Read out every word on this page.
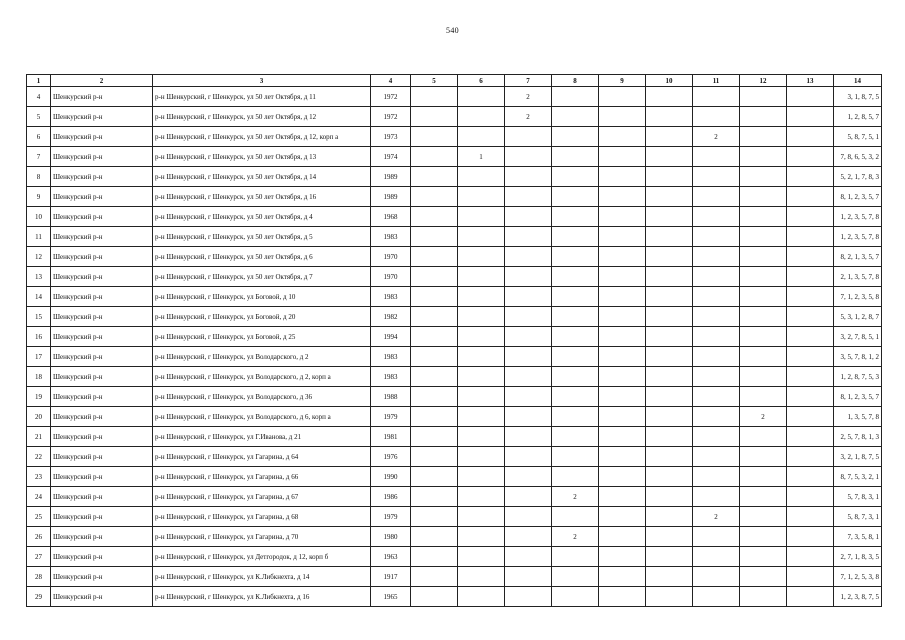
540
1	2	3	4	5	6	7	8	9	10	11	12	13	14
4	Шенкурский р-н	р-н Шенкурский, г Шенкурск, ул 50 лет Октября, д 11	1972			2							3, 1, 8, 7, 5
5	Шенкурский р-н	р-н Шенкурский, г Шенкурск, ул 50 лет Октября, д 12	1972			2							1, 2, 8, 5, 7
6	Шенкурский р-н	р-н Шенкурский, г Шенкурск, ул 50 лет Октября, д 12, корп а	1973							2			5, 8, 7, 5, 1
7	Шенкурский р-н	р-н Шенкурский, г Шенкурск, ул 50 лет Октября, д 13	1974		1								7, 8, 6, 5, 3, 2
8	Шенкурский р-н	р-н Шенкурский, г Шенкурск, ул 50 лет Октября, д 14	1989										5, 2, 1, 7, 8, 3
9	Шенкурский р-н	р-н Шенкурский, г Шенкурск, ул 50 лет Октября, д 16	1989										8, 1, 2, 3, 5, 7
10	Шенкурский р-н	р-н Шенкурский, г Шенкурск, ул 50 лет Октября, д 4	1968										1, 2, 3, 5, 7, 8
11	Шенкурский р-н	р-н Шенкурский, г Шенкурск, ул 50 лет Октября, д 5	1983										1, 2, 3, 5, 7, 8
12	Шенкурский р-н	р-н Шенкурский, г Шенкурск, ул 50 лет Октября, д 6	1970										8, 2, 1, 3, 5, 7
13	Шенкурский р-н	р-н Шенкурский, г Шенкурск, ул 50 лет Октября, д 7	1970										2, 1, 3, 5, 7, 8
14	Шенкурский р-н	р-н Шенкурский, г Шенкурск, ул Боговой, д 10	1983										7, 1, 2, 3, 5, 8
15	Шенкурский р-н	р-н Шенкурский, г Шенкурск, ул Боговой, д 20	1982										5, 3, 1, 2, 8, 7
16	Шенкурский р-н	р-н Шенкурский, г Шенкурск, ул Боговой, д 25	1994										3, 2, 7, 8, 5, 1
17	Шенкурский р-н	р-н Шенкурский, г Шенкурск, ул Володарского, д 2	1983										3, 5, 7, 8, 1, 2
18	Шенкурский р-н	р-н Шенкурский, г Шенкурск, ул Володарского, д 2, корп а	1983										1, 2, 8, 7, 5, 3
19	Шенкурский р-н	р-н Шенкурский, г Шенкурск, ул Володарского, д 36	1988										8, 1, 2, 3, 5, 7
20	Шенкурский р-н	р-н Шенкурский, г Шенкурск, ул Володарского, д 6, корп а	1979								2		1, 3, 5, 7, 8
21	Шенкурский р-н	р-н Шенкурский, г Шенкурск, ул Г.Иванова, д 21	1981										2, 5, 7, 8, 1, 3
22	Шенкурский р-н	р-н Шенкурский, г Шенкурск, ул Гагарина, д 64	1976										3, 2, 1, 8, 7, 5
23	Шенкурский р-н	р-н Шенкурский, г Шенкурск, ул Гагарина, д 66	1990										8, 7, 5, 3, 2, 1
24	Шенкурский р-н	р-н Шенкурский, г Шенкурск, ул Гагарина, д 67	1986				2						5, 7, 8, 3, 1
25	Шенкурский р-н	р-н Шенкурский, г Шенкурск, ул Гагарина, д 68	1979							2			5, 8, 7, 3, 1
26	Шенкурский р-н	р-н Шенкурский, г Шенкурск, ул Гагарина, д 70	1980				2						7, 3, 5, 8, 1
27	Шенкурский р-н	р-н Шенкурский, г Шенкурск, ул Детгородок, д 12, корп б	1963										2, 7, 1, 8, 3, 5
28	Шенкурский р-н	р-н Шенкурский, г Шенкурск, ул К.Либкнехта, д 14	1917										7, 1, 2, 5, 3, 8
29	Шенкурский р-н	р-н Шенкурский, г Шенкурск, ул К.Либкнехта, д 16	1965										1, 2, 3, 8, 7, 5
